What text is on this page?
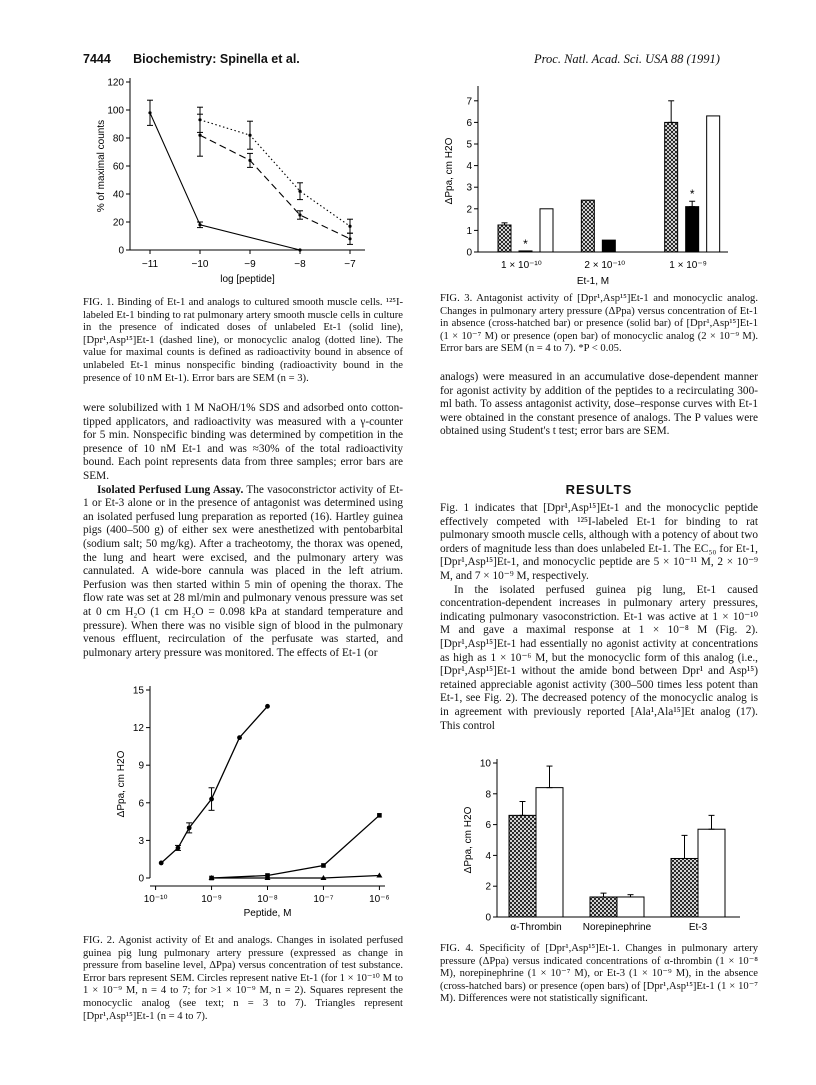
7444 Biochemistry: Spinella et al.	Proc. Natl. Acad. Sci. USA 88 (1991)
0
20
40
60
80
100
120
% of maximal counts
−11	−10	−9	−8	−7
log [peptide]
FIG. 1. Binding of Et-1 and analogs to cultured smooth muscle cells. ¹²⁵I-labeled Et-1 binding to rat pulmonary artery smooth muscle cells in culture in the presence of indicated doses of unlabeled Et-1 (solid line), [Dpr¹,Asp¹⁵]Et-1 (dashed line), or monocyclic analog (dotted line). The value for maximal counts is defined as radioactivity bound in absence of unlabeled Et-1 minus nonspecific binding (radioactivity bound in the presence of 10 nM Et-1). Error bars are SEM (n = 3).

were solubilized with 1 M NaOH/1% SDS and adsorbed onto cotton-tipped applicators, and radioactivity was measured with a γ-counter for 5 min. Nonspecific binding was determined by competition in the presence of 10 nM Et-1 and was ≈30% of the total radioactivity bound. Each point represents data from three samples; error bars are SEM.

Isolated Perfused Lung Assay. The vasoconstrictor activity of Et-1 or Et-3 alone or in the presence of antagonist was determined using an isolated perfused lung preparation as reported (16). Hartley guinea pigs (400–500 g) of either sex were anesthetized with pentobarbital (sodium salt; 50 mg/kg). After a tracheotomy, the thorax was opened, the lung and heart were excised, and the pulmonary artery was cannulated. A wide-bore cannula was placed in the left atrium. Perfusion was then started within 5 min of opening the thorax. The flow rate was set at 28 ml/min and pulmonary venous pressure was set at 0 cm H₂O (1 cm H₂O = 0.098 kPa at standard temperature and pressure). When there was no visible sign of blood in the pulmonary venous effluent, recirculation of the perfusate was started, and pulmonary artery pressure was monitored. The effects of Et-1 (or

0
3
6
9
12
15
ΔPpa, cm H2O
10⁻¹⁰	10⁻⁹	10⁻⁸	10⁻⁷	10⁻⁶
Peptide, M
FIG. 2. Agonist activity of Et and analogs. Changes in isolated perfused guinea pig lung pulmonary artery pressure (expressed as change in pressure from baseline level, ΔPpa) versus concentration of test substance. Error bars represent SEM. Circles represent native Et-1 (for 1 × 10⁻¹⁰ M to 1 × 10⁻⁹ M, n = 4 to 7; for >1 × 10⁻⁹ M, n = 2). Squares represent the monocyclic analog (see text; n = 3 to 7). Triangles represent [Dpr¹,Asp¹⁵]Et-1 (n = 4 to 7).
0
1
2
3
4
5
6
7
ΔPpa, cm H2O
1 × 10⁻¹⁰	2 × 10⁻¹⁰	1 × 10⁻⁹
*
*
Et-1, M
FIG. 3. Antagonist activity of [Dpr¹,Asp¹⁵]Et-1 and monocyclic analog. Changes in pulmonary artery pressure (ΔPpa) versus concentration of Et-1 in absence (cross-hatched bar) or presence (solid bar) of [Dpr¹,Asp¹⁵]Et-1 (1 × 10⁻⁷ M) or presence (open bar) of monocyclic analog (2 × 10⁻⁹ M). Error bars are SEM (n = 4 to 7). *P < 0.05.

analogs) were measured in an accumulative dose-dependent manner for agonist activity by addition of the peptides to a recirculating 300-ml bath. To assess antagonist activity, dose–response curves with Et-1 were obtained in the constant presence of analogs. The P values were obtained using Student's t test; error bars are SEM.

RESULTS

Fig. 1 indicates that [Dpr¹,Asp¹⁵]Et-1 and the monocyclic peptide effectively competed with ¹²⁵I-labeled Et-1 for binding to rat pulmonary smooth muscle cells, although with a potency of about two orders of magnitude less than does unlabeled Et-1. The EC₅₀ for Et-1, [Dpr¹,Asp¹⁵]Et-1, and monocyclic peptide are 5 × 10⁻¹¹ M, 2 × 10⁻⁹ M, and 7 × 10⁻⁹ M, respectively.

In the isolated perfused guinea pig lung, Et-1 caused concentration-dependent increases in pulmonary artery pressures, indicating pulmonary vasoconstriction. Et-1 was active at 1 × 10⁻¹⁰ M and gave a maximal response at 1 × 10⁻⁸ M (Fig. 2). [Dpr¹,Asp¹⁵]Et-1 had essentially no agonist activity at concentrations as high as 1 × 10⁻⁶ M, but the monocyclic form of this analog (i.e., [Dpr¹,Asp¹⁵]Et-1 without the amide bond between Dpr¹ and Asp¹⁵) retained appreciable agonist activity (300–500 times less potent than Et-1, see Fig. 2). The decreased potency of the monocyclic analog is in agreement with previously reported [Ala¹,Ala¹⁵]Et analog (17). This control

0
2
4
6
8
10
ΔPpa, cm H2O
α-Thrombin Norepinephrine	Et-3
FIG. 4. Specificity of [Dpr¹,Asp¹⁵]Et-1. Changes in pulmonary artery pressure (ΔPpa) versus indicated concentrations of α-thrombin (1 × 10⁻⁸ M), norepinephrine (1 × 10⁻⁷ M), or Et-3 (1 × 10⁻⁹ M), in the absence (cross-hatched bars) or presence (open bars) of [Dpr¹,Asp¹⁵]Et-1 (1 × 10⁻⁷ M). Differences were not statistically significant.
